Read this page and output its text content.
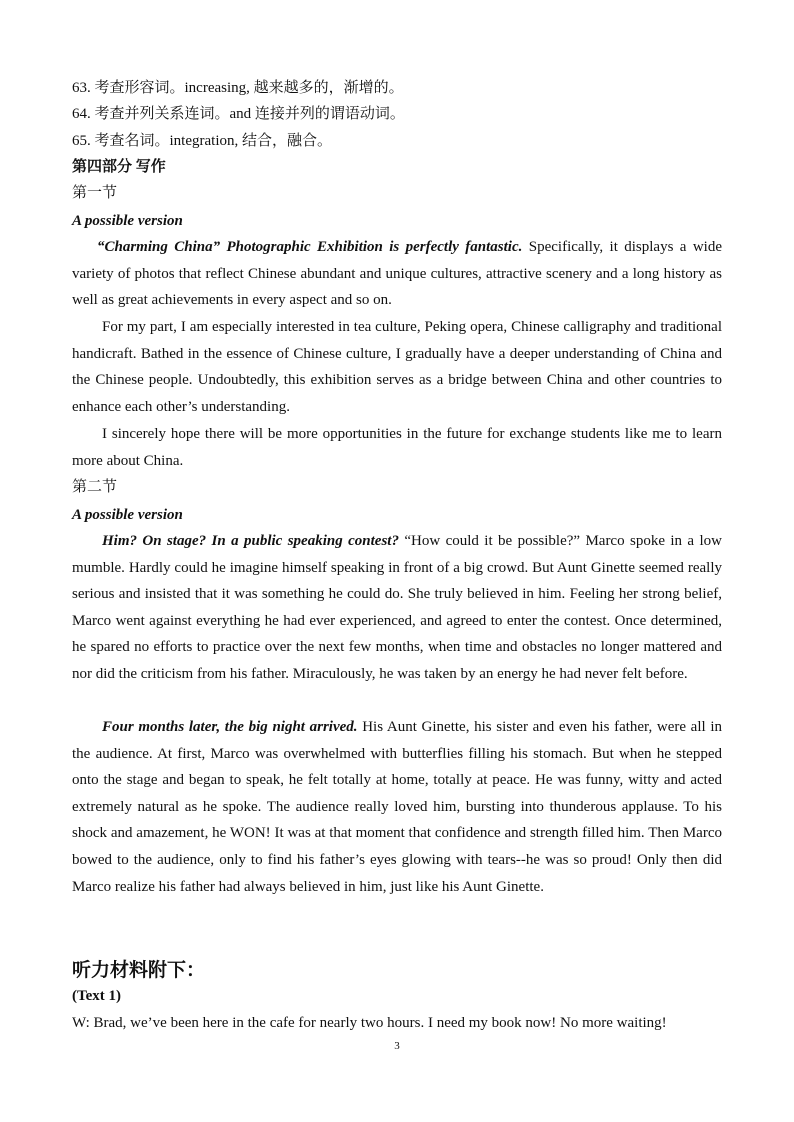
63. 考查形容词。increasing, 越来越多的，渐增的。
64. 考查并列关系连词。and 连接并列的谓语动词。
65. 考查名词。integration, 结合，融合。
第四部分 写作
第一节
A possible version

“Charming China” Photographic Exhibition is perfectly fantastic. Specifically, it displays a wide variety of photos that reflect Chinese abundant and unique cultures, attractive scenery and a long history as well as great achievements in every aspect and so on.

For my part, I am especially interested in tea culture, Peking opera, Chinese calligraphy and traditional handicraft. Bathed in the essence of Chinese culture, I gradually have a deeper understanding of China and the Chinese people. Undoubtedly, this exhibition serves as a bridge between China and other countries to enhance each other’s understanding.

I sincerely hope there will be more opportunities in the future for exchange students like me to learn more about China.

第二节
A possible version

Him? On stage? In a public speaking contest? “How could it be possible?” Marco spoke in a low mumble. Hardly could he imagine himself speaking in front of a big crowd. But Aunt Ginette seemed really serious and insisted that it was something he could do. She truly believed in him. Feeling her strong belief, Marco went against everything he had ever experienced, and agreed to enter the contest. Once determined, he spared no efforts to practice over the next few months, when time and obstacles no longer mattered and nor did the criticism from his father. Miraculously, he was taken by an energy he had never felt before.

Four months later, the big night arrived. His Aunt Ginette, his sister and even his father, were all in the audience. At first, Marco was overwhelmed with butterflies filling his stomach. But when he stepped onto the stage and began to speak, he felt totally at home, totally at peace. He was funny, witty and acted extremely natural as he spoke. The audience really loved him, bursting into thunderous applause. To his shock and amazement, he WON! It was at that moment that confidence and strength filled him. Then Marco bowed to the audience, only to find his father’s eyes glowing with tears--he was so proud! Only then did Marco realize his father had always believed in him, just like his Aunt Ginette.

听力材料附下：
(Text 1)
W: Brad, we’ve been here in the cafe for nearly two hours. I need my book now! No more waiting!
3
